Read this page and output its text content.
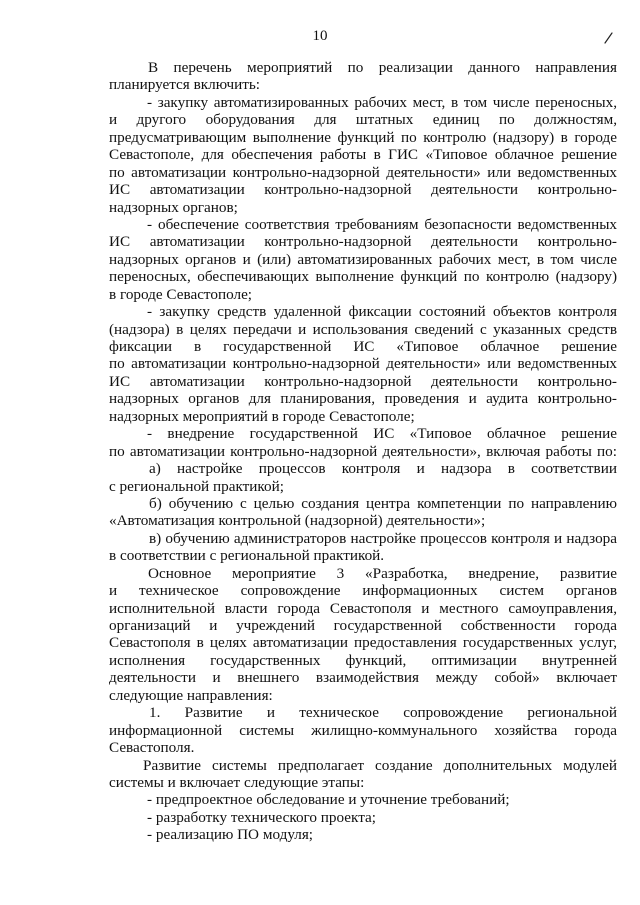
10
В перечень мероприятий по реализации данного направления
планируется включить:
- закупку автоматизированных рабочих мест, в том числе переносных,
и другого оборудования для штатных единиц по должностям,
предусматривающим выполнение функций по контролю (надзору) в городе
Севастополе, для обеспечения работы в ГИС «Типовое облачное решение
по автоматизации контрольно-надзорной деятельности» или ведомственных
ИС автоматизации контрольно-надзорной деятельности контрольно-
надзорных органов;
- обеспечение соответствия требованиям безопасности ведомственных
ИС автоматизации контрольно-надзорной деятельности контрольно-
надзорных органов и (или) автоматизированных рабочих мест, в том числе
переносных, обеспечивающих выполнение функций по контролю (надзору)
в городе Севастополе;
- закупку средств удаленной фиксации состояний объектов контроля
(надзора) в целях передачи и использования сведений с указанных средств
фиксации в государственной ИС «Типовое облачное решение
по автоматизации контрольно-надзорной деятельности» или ведомственных
ИС автоматизации контрольно-надзорной деятельности контрольно-
надзорных органов для планирования, проведения и аудита контрольно-
надзорных мероприятий в городе Севастополе;
- внедрение государственной ИС «Типовое облачное решение
по автоматизации контрольно-надзорной деятельности», включая работы по:
а) настройке процессов контроля и надзора в соответствии
с региональной практикой;
б) обучению с целью создания центра компетенции по направлению
«Автоматизация контрольной (надзорной) деятельности»;
в) обучению администраторов настройке процессов контроля и надзора
в соответствии с региональной практикой.
Основное мероприятие 3 «Разработка, внедрение, развитие
и техническое сопровождение информационных систем органов
исполнительной власти города Севастополя и местного самоуправления,
организаций и учреждений государственной собственности города
Севастополя в целях автоматизации предоставления государственных услуг,
исполнения государственных функций, оптимизации внутренней
деятельности и внешнего взаимодействия между собой» включает
следующие направления:
1. Развитие и техническое сопровождение региональной
информационной системы жилищно-коммунального хозяйства города
Севастополя.
Развитие системы предполагает создание дополнительных модулей
системы и включает следующие этапы:
- предпроектное обследование и уточнение требований;
- разработку технического проекта;
- реализацию ПО модуля;
